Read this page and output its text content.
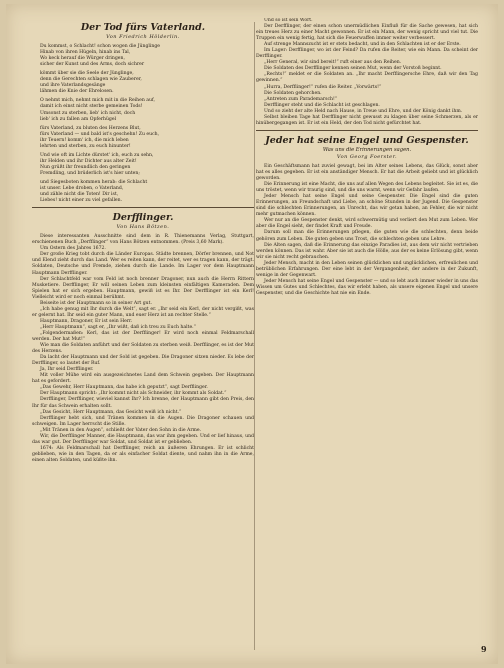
Der Tod fürs Vaterland.
Von Friedrich Hölderlin.
Du kommst, o Schlacht! schon wogen die Jünglinge
Hinab von ihren Hügeln, hinab ins Tal,
Wo keck herauf die Würger dringen,
sicher der Kunst und des Arms, doch sichrer
kömmt über sie die Seele der Jünglinge,
denn die Gerechten schlagen wie Zauberer,
und ihre Vaterlandsgesänge
lähmen die Knie der Ehrelosen.
O nehmt mich, nehmt mich mit in die Reihen auf,
damit ich einst nicht sterbe gemeinen Tods!
Umsonst zu sterben, lieb' ich nicht, doch
lieb' ich zu fallen am Opferhügel
fürs Vaterland, zu bluten des Herzens Blut,
fürs Vaterland — und bald ist's geschehn! Zu euch,
ihr Teuern! komm' ich, die mich leben
lehrten und sterben, zu euch hinunter!
Und wie oft im Lichte dürstet' ich, euch zu sehn,
ihr Helden und ihr Dichter aus alter Zeit!
Nun grüßt ihr freundlich den geringen
Fremdling, und brüderlich ist's hier unten;
und Siegesboten kommen herab: die Schlacht
ist unser. Lebe droben, o Vaterland,
und zähle nicht die Toten! Dir ist,
Liebes! nicht einer zu viel gefallen.
Derfflinger.
Von Hans Bötzen.

Diese interessanten Ausschnitte sind dem in R. Thienemanns Verlag, Stuttgart, erschienenen Buch „Derfflinger“ von Hans Bötzen entnommen. (Preis 3,60 Mark).

Um Ostern des Jahres 1672.

Der große Krieg tobt durch die Länder Europas. Städte brennen, Dörfer brennen, und Not und Elend zieht durch das Land. Wer es reiten kann, der reitet, wer es tragen kann, der trägt. Soldaten, Deutsche und Fremde, ziehen durch die Lande. Im Lager vor dem Hauptmann Hauptmann Derfflinger.

Der Schlachtfeld war vom Feld ist noch brenner Dragoner, nun auch die Herrn Rittern Musketiere. Derfflinger, Er will seinen Leben zum kleinsten einfältigen Kameraden. Dem Spielen hat er sich ergeben. Hauptmann, gewiß ist es Ihr. Der Derfflinger ist ein Kerl! Vielleicht wird er noch einmal berühmt.

Beiseite ist der Hauptmann so in seiner Art gut.

„Ich habe genug mit Ihr durch die Welt“, sagt er. „Ihr seid ein Kerl, der nicht vergißt, was er gelernt hat. Ihr seid ein guter Mann, und euer Herz ist an rechter Stelle.“

Hauptmann, Dragoner, Er ist sein Herr.

„Herr Hauptmann“, sagt er, „Ihr wißt, daß ich treu zu Euch halte.“

„Folgendermaßen: Kerl, das ist der Derfflinger! Er wird noch einmal Feldmarschall werden. Der hat Mut!“

Wie man die Soldaten anführt und der Soldaten zu sterben weiß. Derfflinger, es ist der Mut des Herzens.

Da lacht der Hauptmann und der Sold ist gegeben. Die Dragoner sitzen nieder. Es lebe der Derfflinger, so lautet der Ruf.

Ja, Ihr seid Derfflinger.

Mit voller Mühe wird ein ausgezeichnetes Land dem Schwein gegeben. Der Hauptmann hat es gefordert.

„Das Gewehr, Herr Hauptmann, das habe ich geputzt“, sagt Derfflinger.

Der Hauptmann spricht: „Ihr kommt nicht als Schneider, ihr kommt als Soldat.“

Derfflinger, Derfflinger, wieviel kannst Ihr? Ich brenne, der Hauptmann gibt den Preis, den Ihr für das Schwein erhalten sollt.

„Das Gesicht, Herr Hauptmann, das Gesicht weiß ich nicht.“

Derfflinger hebt sich, und Tränen kommen in die Augen. Die Dragoner schauen und schweigen. Im Lager herrscht die Stille.

„Mit Tränen in den Augen“, schließt der Vater den Sohn in die Arme.

Wir, die Derfflinger Manner, die Hauptmann, das war ihm gegeben. Und er lief hinaus, und das war gut. Der Derfflinger war Soldat, und Soldat ist er geblieben.

1674: Als Feldmarschall hat Derfflinger, reich an äußeren Ehrungen. Er ist schlicht geblieben, wie in den Tagen, da er als einfacher Soldat diente, und nahm ihn in die Arme, einen alten Soldaten, und küßte ihn.

Und so ist sein Wort.

Der Derfflinger, der einen schon unermüdlichen Einfluß für die Sache gewesen, hat sich ein treues Herz zu einer Macht gewonnen. Er ist ein Mann, der wenig spricht und viel tut. Die Truppen ein wenig fertig, hat sich die Feuerwaffen immer weiter verbessert.

Auf strenge Mannszucht ist er stets bedacht, und in den Schlachten ist er der Erste.

Im Lager: Derfflinger, wo ist der Feind? Da rufen die Reiter, wie ein Mann. Da scheint der Derfflinger.

„Herr General, wir sind bereit!“ ruft einer aus den Reihen.

Die Soldaten des Derfflinger kennen seinen Mut, wenn der Vorstoß beginnt.

„Rechts!“ meldet er die Soldaten an. „Ihr macht Derfflingersche Ehre, daß wir den Tag gewinnen.“

„Hurra, Derfflinger!“ rufen die Reiter. „Vorwärts!“

Die Soldaten gehorchen.

„Antreten zum Parademarsch!“

Derfflinger steht und die Schlacht ist geschlagen.

Und so zieht der alte Held nach Hause, in Treue und Ehre, und der König dankt ihm.

Selbst bleiben Tage hat Derfflinger nicht gewusst zu klagen über seine Schmerzen, als er hinübergegangen ist. Er ist ein Held, der den Tod nicht gefürchtet hat.

Jeder hat seine Engel und Gespenster.
Was uns die Erinnerungen sagen.
Von Georg Foerster.

Ein Geschäftsmann hat zuviel gewagt, bei im Alter seines Lebens, das Glück, sonst aber hat es alles gegeben. Er ist ein anständiger Mensch. Er hat die Arbeit geliebt und ist glücklich geworden.

Die Erinnerung ist eine Macht, die uns auf allen Wegen des Lebens begleitet. Sie ist es, die uns tröstet, wenn wir traurig sind, und die uns warnt, wenn wir Gefahr laufen.

Jeder Mensch hat seine Engel und seine Gespenster. Die Engel sind die guten Erinnerungen, an Freundschaft und Liebe, an schöne Stunden in der Jugend. Die Gespenster sind die schlechten Erinnerungen, an Unrecht, das wir getan haben, an Fehler, die wir nicht mehr gutmachen können.

Wer nur an die Gespenster denkt, wird schwermütig und verliert den Mut zum Leben. Wer aber die Engel sieht, der findet Kraft und Freude.

Darum soll man die Erinnerungen pflegen, die guten wie die schlechten, denn beide gehören zum Leben. Die guten geben uns Trost, die schlechten geben uns Lehre.

Die Alten sagen, daß die Erinnerung das einzige Paradies ist, aus dem wir nicht vertrieben werden können. Das ist wahr. Aber sie ist auch die Hölle, aus der es keine Erlösung gibt, wenn wir sie nicht recht gebrauchen.

Jeder Mensch, macht in den Leben seinen glücklichen und unglücklichen, erfreulichen und betrüblichen Erfahrungen. Der eine lebt in der Vergangenheit, der andere in der Zukunft, wenige in der Gegenwart.

Jeder Mensch hat seine Engel und Gespenster — und so lebt auch immer wieder in uns das Wissen um Gutes und Schlechtes, das wir erlebt haben, als unsere eigenen Engel und unsere Gespenster, und die Geschichte hat nie ein Ende.

9
